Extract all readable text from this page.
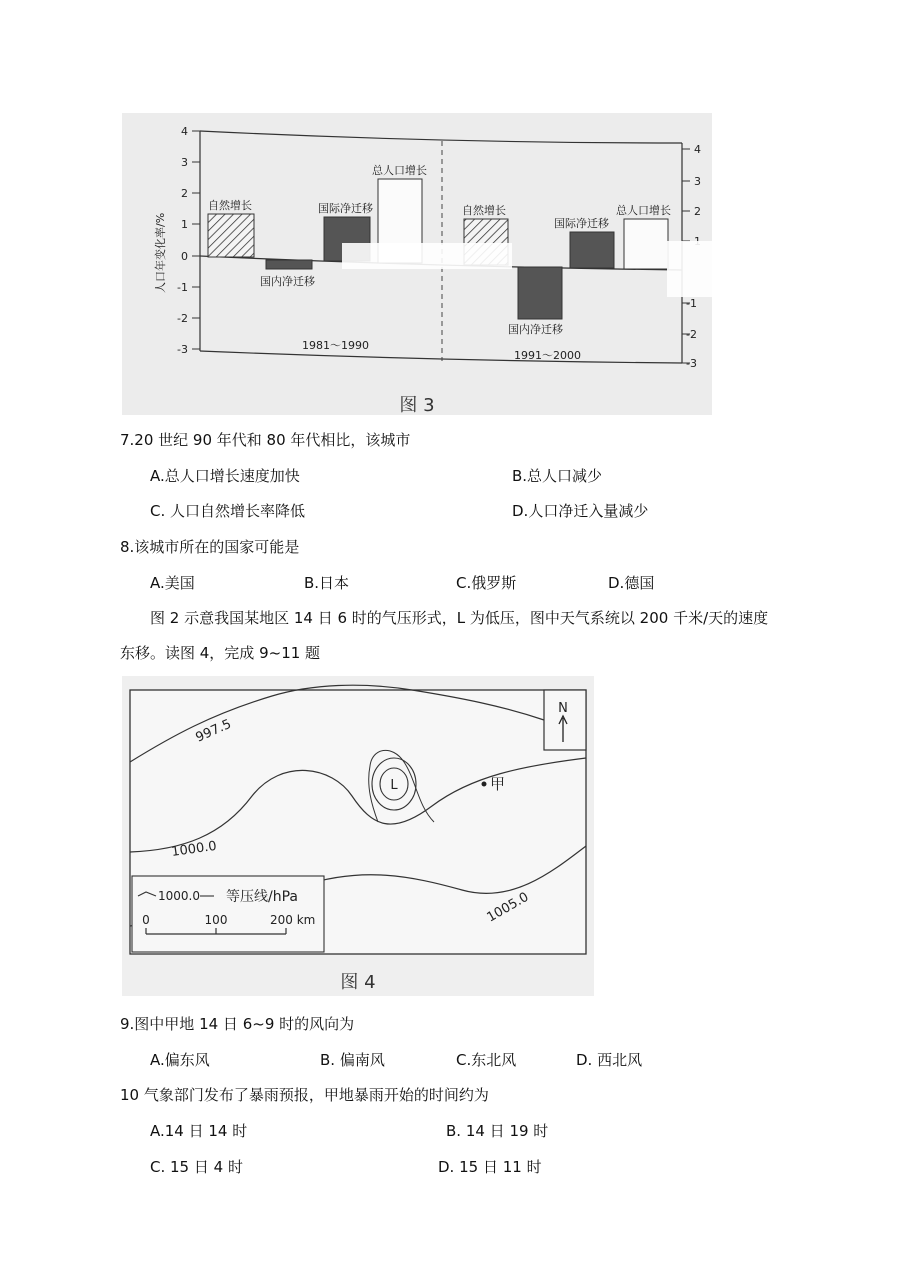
4
3
2
1
0
-1
-2
-3
4
3
2
-1
-2
-3
人口年变化率/%
自然增长
国内净迁移
国际净迁移
总人口增长
自然增长
国内净迁移
国际净迁移
总人口增长
1981～1990
1991～2000
图 3
7.20 世纪 90 年代和 80 年代相比，该城市
A.总人口增长速度加快	B.总人口减少
C. 人口自然增长率降低	D.人口净迁入量减少
8.该城市所在的国家可能是
A.美国	B.日本	C.俄罗斯	D.德国
图 2 示意我国某地区 14 日 6 时的气压形式，L 为低压，图中天气系统以 200 千米/天的速度
东移。读图 4，完成 9~11 题
N
L	甲
997.5
1000.0
1005.0
1000.0 等压线/hPa
0	100	200 km
图 4
9.图中甲地 14 日 6~9 时的风向为
A.偏东风	B. 偏南风	C.东北风	D. 西北风
10 气象部门发布了暴雨预报，甲地暴雨开始的时间约为
A.14 日 14 时	B. 14 日 19 时
C. 15 日 4 时	D. 15 日 11 时
